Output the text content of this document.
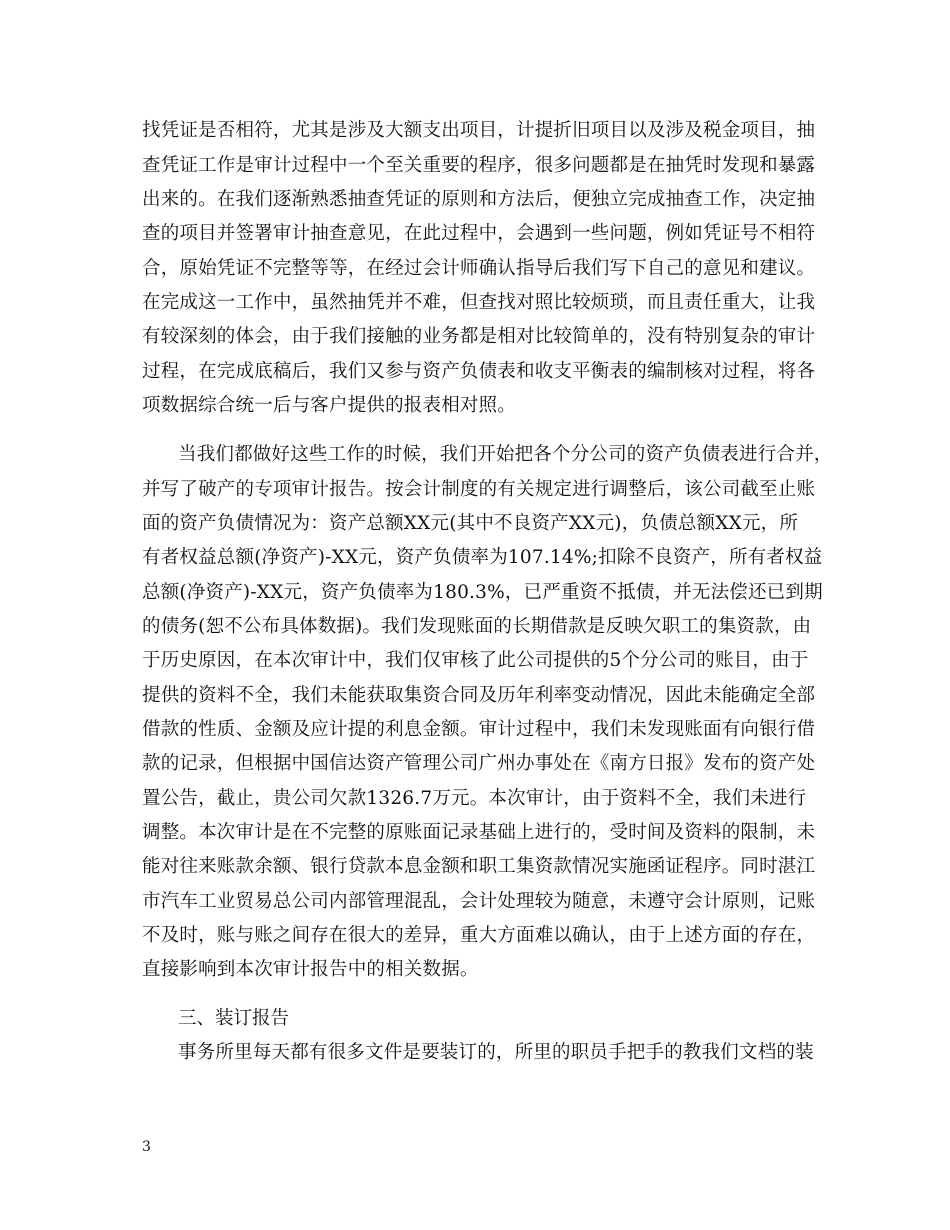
找凭证是否相符，尤其是涉及大额支出项目，计提折旧项目以及涉及税金项目，抽
查凭证工作是审计过程中一个至关重要的程序，很多问题都是在抽凭时发现和暴露
出来的。在我们逐渐熟悉抽查凭证的原则和方法后，便独立完成抽查工作，决定抽
查的项目并签署审计抽查意见，在此过程中，会遇到一些问题，例如凭证号不相符
合，原始凭证不完整等等，在经过会计师确认指导后我们写下自己的意见和建议。
在完成这一工作中，虽然抽凭并不难，但查找对照比较烦琐，而且责任重大，让我
有较深刻的体会，由于我们接触的业务都是相对比较简单的，没有特别复杂的审计
过程，在完成底稿后，我们又参与资产负债表和收支平衡表的编制核对过程，将各
项数据综合统一后与客户提供的报表相对照。
当我们都做好这些工作的时候，我们开始把各个分公司的资产负债表进行合并，
并写了破产的专项审计报告。按会计制度的有关规定进行调整后，该公司截至止账
面的资产负债情况为：资产总额XX元(其中不良资产XX元)，负债总额XX元，所
有者权益总额(净资产)-XX元，资产负债率为107.14%;扣除不良资产，所有者权益
总额(净资产)-XX元，资产负债率为180.3%，已严重资不抵债，并无法偿还已到期
的债务(恕不公布具体数据)。我们发现账面的长期借款是反映欠职工的集资款，由
于历史原因，在本次审计中，我们仅审核了此公司提供的5个分公司的账目，由于
提供的资料不全，我们未能获取集资合同及历年利率变动情况，因此未能确定全部
借款的性质、金额及应计提的利息金额。审计过程中，我们未发现账面有向银行借
款的记录，但根据中国信达资产管理公司广州办事处在《南方日报》发布的资产处
置公告，截止，贵公司欠款1326.7万元。本次审计，由于资料不全，我们未进行
调整。本次审计是在不完整的原账面记录基础上进行的，受时间及资料的限制，未
能对往来账款余额、银行贷款本息金额和职工集资款情况实施函证程序。同时湛江
市汽车工业贸易总公司内部管理混乱，会计处理较为随意，未遵守会计原则，记账
不及时，账与账之间存在很大的差异，重大方面难以确认，由于上述方面的存在，
直接影响到本次审计报告中的相关数据。
三、装订报告
事务所里每天都有很多文件是要装订的，所里的职员手把手的教我们文档的装
3
